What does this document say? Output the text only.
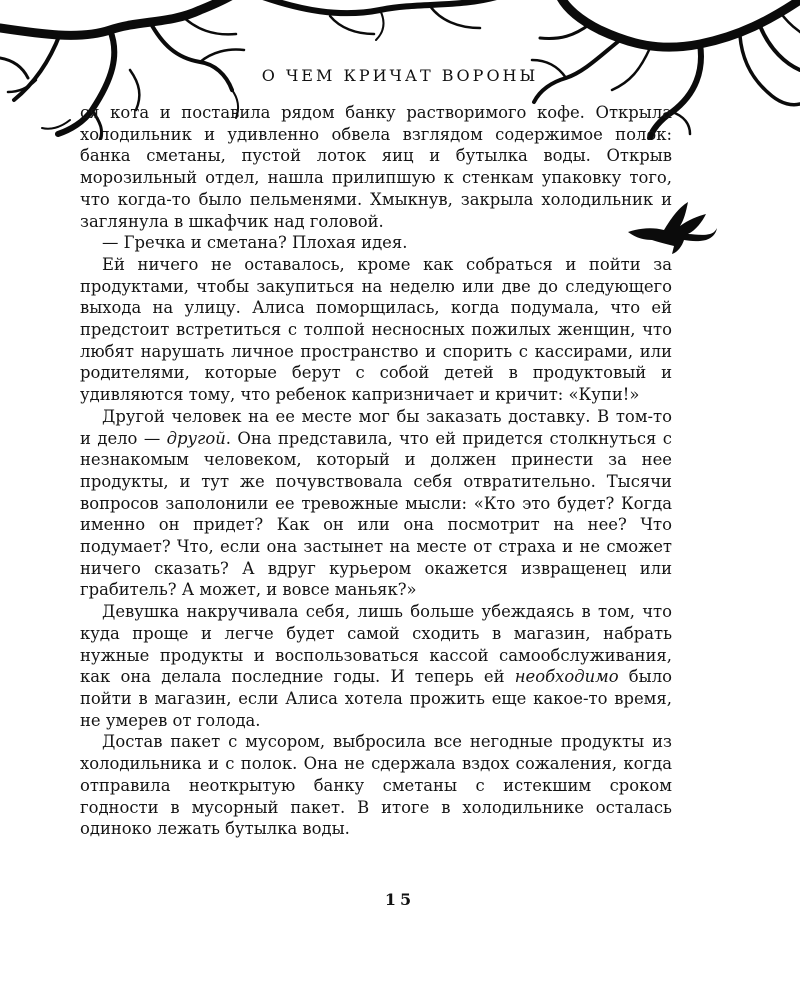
О ЧЕМ КРИЧАТ ВОРОНЫ

ся кота и поставила рядом банку растворимого кофе. Открыла холодильник и удивленно обвела взглядом содержимое полок: банка сметаны, пустой лоток яиц и бутылка воды. Открыв морозильный отдел, нашла прилипшую к стенкам упаковку того, что когда-то было пельменями. Хмыкнув, закрыла холодильник и заглянула в шкафчик над головой.

— Гречка и сметана? Плохая идея.

Ей ничего не оставалось, кроме как собраться и пойти за продуктами, чтобы закупиться на неделю или две до следующего выхода на улицу. Алиса поморщилась, когда подумала, что ей предстоит встретиться с толпой несносных пожилых женщин, что любят нарушать личное пространство и спорить с кассирами, или родителями, которые берут с собой детей в продуктовый и удивляются тому, что ребенок капризничает и кричит: «Купи!»

Другой человек на ее месте мог бы заказать доставку. В том-то и дело — другой. Она представила, что ей придется столкнуться с незнакомым человеком, который и должен принести за нее продукты, и тут же почувствовала себя отвратительно. Тысячи вопросов заполонили ее тревожные мысли: «Кто это будет? Когда именно он придет? Как он или она посмотрит на нее? Что подумает? Что, если она застынет на месте от страха и не сможет ничего сказать? А вдруг курьером окажется извращенец или грабитель? А может, и вовсе маньяк?»

Девушка накручивала себя, лишь больше убеждаясь в том, что куда проще и легче будет самой сходить в магазин, набрать нужные продукты и воспользоваться кассой самообслуживания, как она делала последние годы. И теперь ей необходимо было пойти в магазин, если Алиса хотела прожить еще какое-то время, не умерев от голода.

Достав пакет с мусором, выбросила все негодные продукты из холодильника и с полок. Она не сдержала вздох сожаления, когда отправила неоткрытую банку сметаны с истекшим сроком годности в мусорный пакет. В итоге в холодильнике осталась одиноко лежать бутылка воды.

15
